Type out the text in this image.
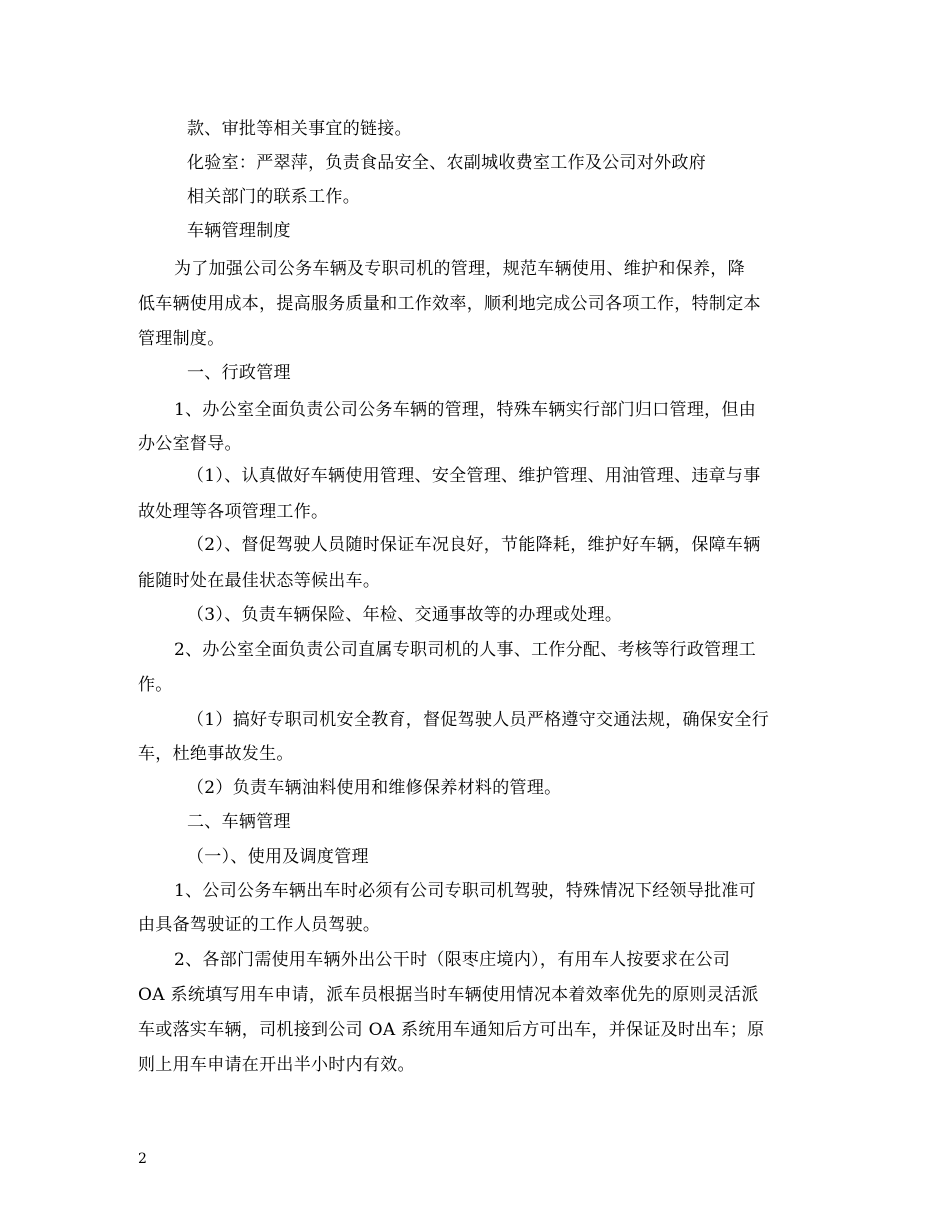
款、审批等相关事宜的链接。
化验室：严翠萍，负责食品安全、农副城收费室工作及公司对外政府
相关部门的联系工作。
车辆管理制度
为了加强公司公务车辆及专职司机的管理，规范车辆使用、维护和保养，降
低车辆使用成本，提高服务质量和工作效率，顺利地完成公司各项工作，特制定本
管理制度。
一、行政管理
1、办公室全面负责公司公务车辆的管理，特殊车辆实行部门归口管理，但由
办公室督导。
（1）、认真做好车辆使用管理、安全管理、维护管理、用油管理、违章与事
故处理等各项管理工作。
（2）、督促驾驶人员随时保证车况良好，节能降耗，维护好车辆，保障车辆
能随时处在最佳状态等候出车。
（3）、负责车辆保险、年检、交通事故等的办理或处理。
2、办公室全面负责公司直属专职司机的人事、工作分配、考核等行政管理工
作。
（1）搞好专职司机安全教育，督促驾驶人员严格遵守交通法规，确保安全行
车，杜绝事故发生。
（2）负责车辆油料使用和维修保养材料的管理。
二、车辆管理
（一）、使用及调度管理
1、公司公务车辆出车时必须有公司专职司机驾驶，特殊情况下经领导批准可
由具备驾驶证的工作人员驾驶。
2、各部门需使用车辆外出公干时（限枣庄境内），有用车人按要求在公司
OA 系统填写用车申请，派车员根据当时车辆使用情况本着效率优先的原则灵活派
车或落实车辆，司机接到公司 OA 系统用车通知后方可出车，并保证及时出车；原
则上用车申请在开出半小时内有效。
2
